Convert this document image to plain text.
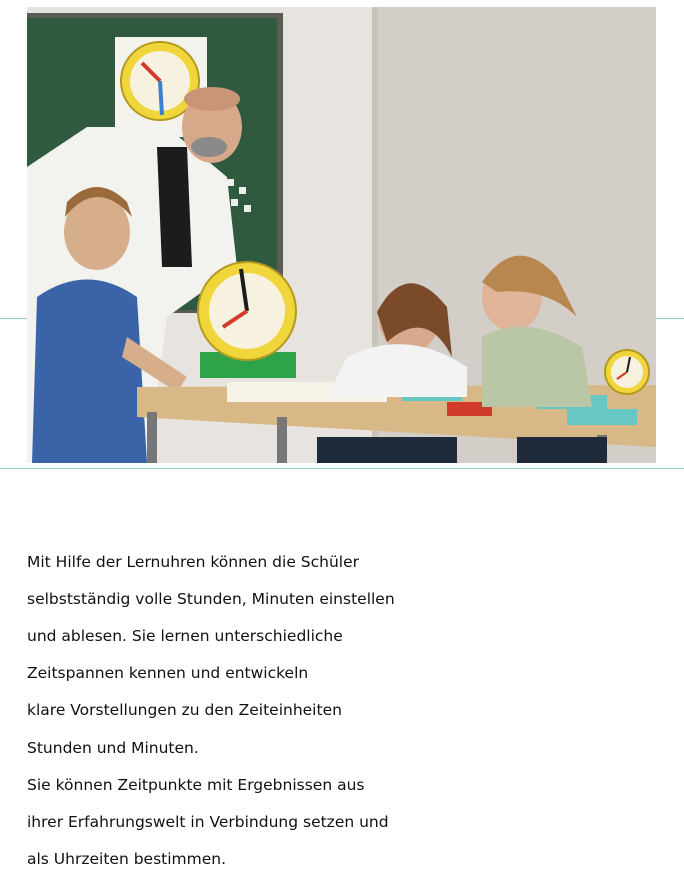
Mit Hilfe der Lernuhren können die Schüler

selbstständig volle Stunden, Minuten einstellen

und ablesen. Sie lernen unterschiedliche

Zeitspannen kennen und entwickeln

klare Vorstellungen zu den Zeiteinheiten

Stunden und Minuten.

Sie können Zeitpunkte mit Ergebnissen aus

ihrer Erfahrungswelt in Verbindung setzen und

als Uhrzeiten bestimmen.
